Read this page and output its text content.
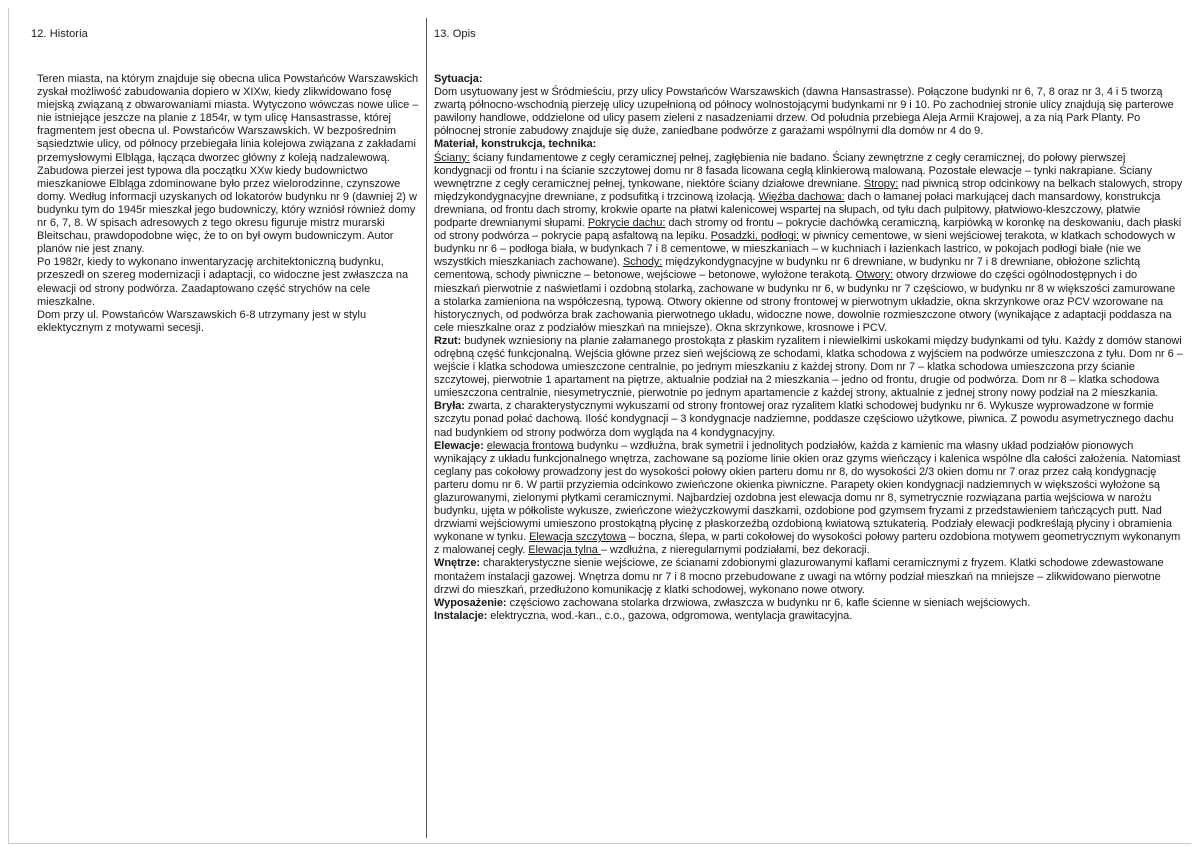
12. Historia	13. Opis

Teren miasta, na którym znajduje się obecna ulica Powstańców Warszawskich zyskał możliwość zabudowania dopiero w XIXw, kiedy zlikwidowano fosę miejską związaną z obwarowaniami miasta. Wytyczono wówczas nowe ulice – nie istniejące jeszcze na planie z 1854r, w tym ulicę Hansastrasse, której fragmentem jest obecna ul. Powstańców Warszawskich. W bezpośrednim sąsiedztwie ulicy, od północy przebiegała linia kolejowa związana z zakładami przemysłowymi Elbląga, łącząca dworzec główny z koleją nadzalewową. Zabudowa pierzei jest typowa dla początku XXw kiedy budownictwo mieszkaniowe Elbląga zdominowane było przez wielorodzinne, czynszowe domy. Według informacji uzyskanych od lokatorów budynku nr 9 (dawniej 2) w budynku tym do 1945r mieszkał jego budowniczy, który wzniósł również domy nr 6, 7, 8. W spisach adresowych z tego okresu figuruje mistrz murarski Bleitschau, prawdopodobne więc, że to on był owym budowniczym. Autor planów nie jest znany.

Po 1982r, kiedy to wykonano inwentaryzację architektoniczną budynku, przeszedł on szereg modernizacji i adaptacji, co widoczne jest zwłaszcza na elewacji od strony podwórza. Zaadaptowano część strychów na cele mieszkalne.

Dom przy ul. Powstańców Warszawskich 6-8 utrzymany jest w stylu eklektycznym z motywami secesji.

Sytuacja:

Dom usytuowany jest w Śródmieściu, przy ulicy Powstańców Warszawskich (dawna Hansastrasse). Połączone budynki nr 6, 7, 8 oraz nr 3, 4 i 5 tworzą zwartą północno-wschodnią pierzeję ulicy uzupełnioną od północy wolnostojącymi budynkami nr 9 i 10. Po zachodniej stronie ulicy znajdują się parterowe pawilony handlowe, oddzielone od ulicy pasem zieleni z nasadzeniami drzew. Od południa przebiega Aleja Armii Krajowej, a za nią Park Planty. Po północnej stronie zabudowy znajduje się duże, zaniedbane podwórze z garażami wspólnymi dla domów nr 4 do 9.

Materiał, konstrukcja, technika:

Ściany: ściany fundamentowe z cegły ceramicznej pełnej, zagłębienia nie badano. Ściany zewnętrzne z cegły ceramicznej, do połowy pierwszej kondygnacji od frontu i na ścianie szczytowej domu nr 8 fasada licowana cegłą klinkierową malowaną. Pozostałe elewacje – tynki nakrapiane. Ściany wewnętrzne z cegły ceramicznej pełnej, tynkowane, niektóre ściany działowe drewniane. Stropy: nad piwnicą strop odcinkowy na belkach stalowych, stropy międzykondygnacyjne drewniane, z podsufitką i trzcinową izolacją. Więźba dachowa: dach o łamanej połaci markującej dach mansardowy, konstrukcja drewniana, od frontu dach stromy, krokwie oparte na płatwi kalenicowej wspartej na słupach, od tyłu dach pulpitowy, płatwiowo-kleszczowy, płatwie podparte drewnianymi słupami. Pokrycie dachu: dach stromy od frontu – pokrycie dachówką ceramiczną, karpiówką w koronkę na deskowaniu, dach płaski od strony podwórza – pokrycie papą asfaltową na lepiku. Posadzki, podłogi: w piwnicy cementowe, w sieni wejściowej terakota, w klatkach schodowych w budynku nr 6 – podłoga biała, w budynkach 7 i 8 cementowe, w mieszkaniach – w kuchniach i łazienkach lastrico, w pokojach podłogi białe (nie we wszystkich mieszkaniach zachowane). Schody: międzykondygnacyjne w budynku nr 6 drewniane, w budynku nr 7 i 8 drewniane, obłożone szlichtą cementową, schody piwniczne – betonowe, wejściowe – betonowe, wyłożone terakotą. Otwory: otwory drzwiowe do części ogólnodostępnych i do mieszkań pierwotnie z naświetlami i ozdobną stolarką, zachowane w budynku nr 6, w budynku nr 7 częściowo, w budynku nr 8 w większości zamurowane a stolarka zamieniona na współczesną, typową. Otwory okienne od strony frontowej w pierwotnym układzie, okna skrzynkowe oraz PCV wzorowane na historycznych, od podwórza brak zachowania pierwotnego układu, widoczne nowe, dowolnie rozmieszczone otwory (wynikające z adaptacji poddasza na cele mieszkalne oraz z podziałów mieszkań na mniejsze). Okna skrzynkowe, krosnowe i PCV.

Rzut: budynek wzniesiony na planie załamanego prostokąta z płaskim ryzalitem i niewielkimi uskokami między budynkami od tyłu. Każdy z domów stanowi odrębną część funkcjonalną. Wejścia główne przez sień wejściową ze schodami, klatka schodowa z wyjściem na podwórze umieszczona z tyłu. Dom nr 6 – wejście i klatka schodowa umieszczone centralnie, po jednym mieszkaniu z każdej strony. Dom nr 7 – klatka schodowa umieszczona przy ścianie szczytowej, pierwotnie 1 apartament na piętrze, aktualnie podział na 2 mieszkania – jedno od frontu, drugie od podwórza. Dom nr 8 – klatka schodowa umieszczona centralnie, niesymetrycznie, pierwotnie po jednym apartamencie z każdej strony, aktualnie z jednej strony nowy podział na 2 mieszkania.

Bryła: zwarta, z charakterystycznymi wykuszami od strony frontowej oraz ryzalitem klatki schodowej budynku nr 6. Wykusze wyprowadzone w formie szczytu ponad połać dachową. Ilość kondygnacji – 3 kondygnacje nadziemne, poddasze częściowo użytkowe, piwnica. Z powodu asymetrycznego dachu nad budynkiem od strony podwórza dom wygląda na 4 kondygnacyjny.

Elewacje: elewacja frontowa budynku – wzdłużna, brak symetrii i jednolitych podziałów, każda z kamienic ma własny układ podziałów pionowych wynikający z układu funkcjonalnego wnętrza, zachowane są poziome linie okien oraz gzyms wieńczący i kalenica wspólne dla całości założenia. Natomiast ceglany pas cokołowy prowadzony jest do wysokości połowy okien parteru domu nr 8, do wysokości 2/3 okien domu nr 7 oraz przez całą kondygnację parteru domu nr 6. W partii przyziemia odcinkowo zwieńczone okienka piwniczne. Parapety okien kondygnacji nadziemnych w większości wyłożone są glazurowanymi, zielonymi płytkami ceramicznymi. Najbardziej ozdobna jest elewacja domu nr 8, symetrycznie rozwiązana partia wejściowa w narożu budynku, ujęta w półkoliste wykusze, zwieńczone wieżyczkowymi daszkami, ozdobione pod gzymsem fryzami z przedstawieniem tańczących putt. Nad drzwiami wejściowymi umieszono prostokątną płycinę z płaskorzeźbą ozdobioną kwiatową sztukaterią. Podziały elewacji podkreślają płyciny i obramienia wykonane w tynku. Elewacja szczytowa – boczna, ślepa, w parti cokołowej do wysokości połowy parteru ozdobiona motywem geometrycznym wykonanym z malowanej cegły. Elewacja tylna – wzdłużna, z nieregularnymi podziałami, bez dekoracji.

Wnętrze: charakterystyczne sienie wejściowe, ze ścianami zdobionymi glazurowanymi kaflami ceramicznymi z fryzem. Klatki schodowe zdewastowane montażem instalacji gazowej. Wnętrza domu nr 7 i 8 mocno przebudowane z uwagi na wtórny podział mieszkań na mniejsze – zlikwidowano pierwotne drzwi do mieszkań, przedłużono komunikację z klatki schodowej, wykonano nowe otwory.

Wyposażenie: częściowo zachowana stolarka drzwiowa, zwłaszcza w budynku nr 6, kafle ścienne w sieniach wejściowych.

Instalacje: elektryczna, wod.-kan., c.o., gazowa, odgromowa, wentylacja grawitacyjna.
